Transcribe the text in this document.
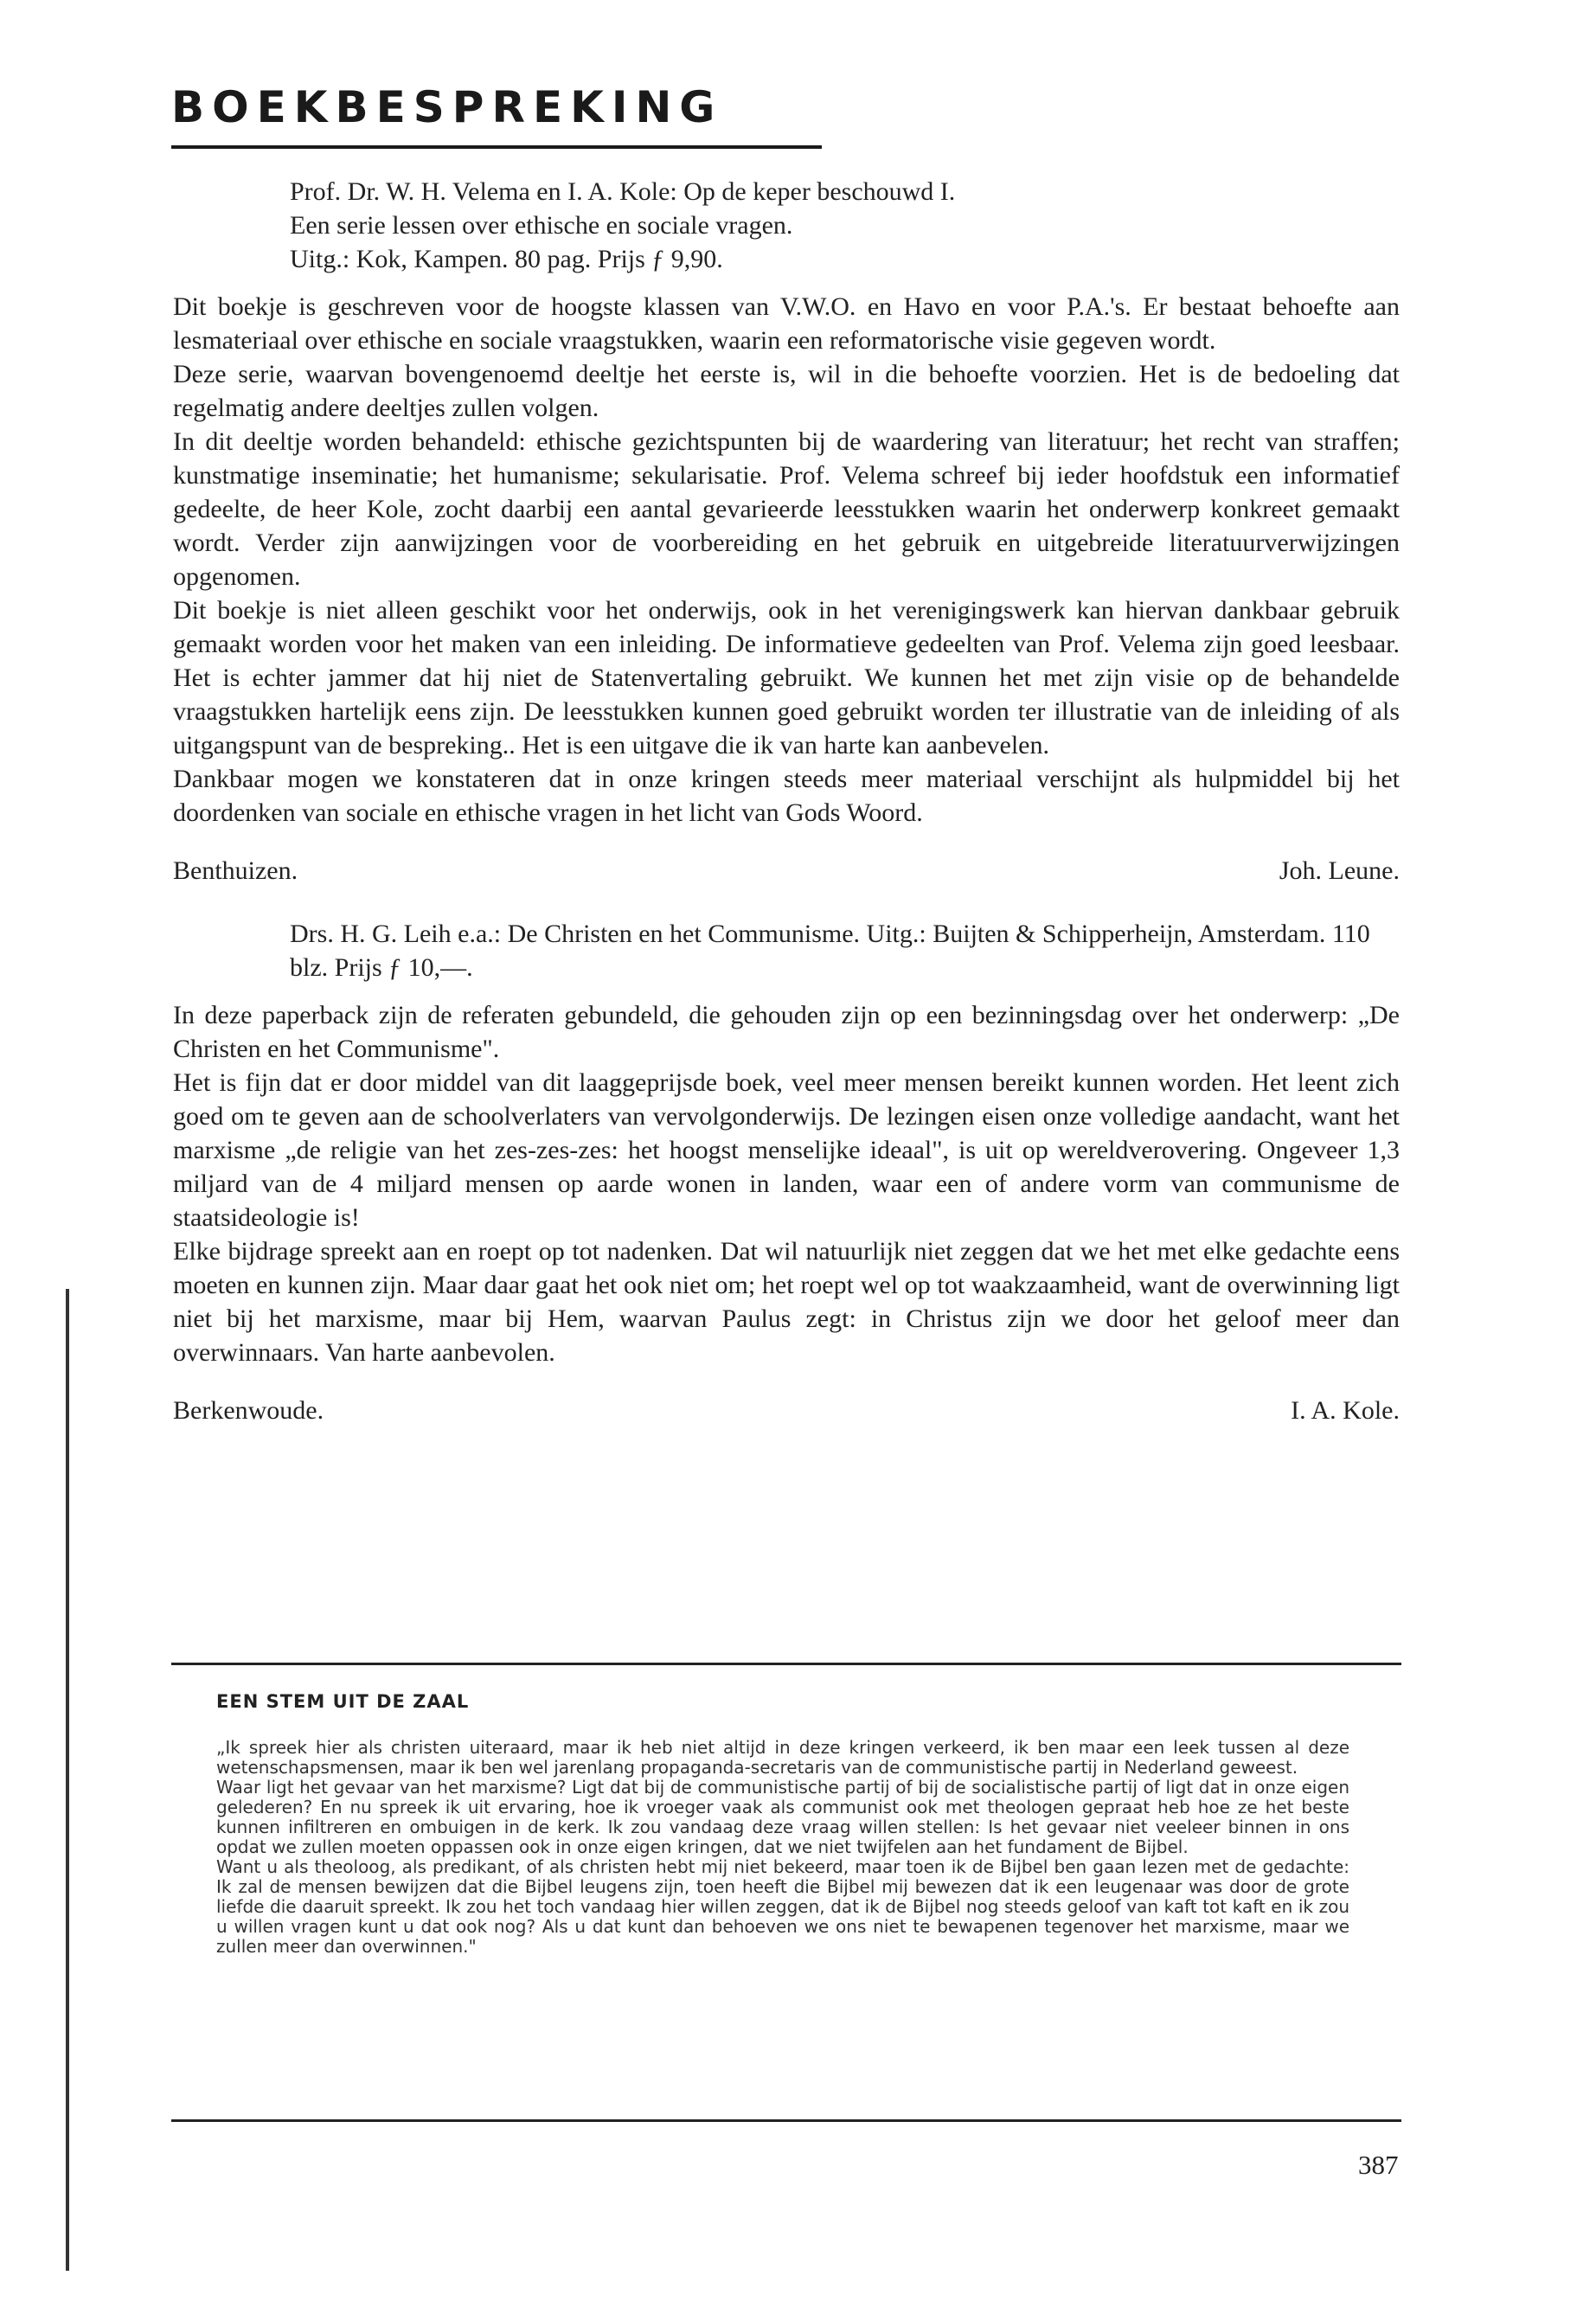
BOEKBESPREKING

Prof. Dr. W. H. Velema en I. A. Kole: Op de keper beschouwd I.

Een serie lessen over ethische en sociale vragen.

Uitg.: Kok, Kampen. 80 pag. Prijs ƒ 9,90.

Dit boekje is geschreven voor de hoogste klassen van V.W.O. en Havo en voor P.A.'s. Er bestaat behoefte aan lesmateriaal over ethische en sociale vraagstukken, waarin een reformatorische visie gegeven wordt.

Deze serie, waarvan bovengenoemd deeltje het eerste is, wil in die behoefte voorzien. Het is de bedoeling dat regelmatig andere deeltjes zullen volgen.

In dit deeltje worden behandeld: ethische gezichtspunten bij de waardering van literatuur; het recht van straffen; kunstmatige inseminatie; het humanisme; sekularisatie. Prof. Velema schreef bij ieder hoofdstuk een informatief gedeelte, de heer Kole, zocht daarbij een aantal gevarieerde leesstukken waarin het onderwerp konkreet gemaakt wordt. Verder zijn aanwijzingen voor de voorbereiding en het gebruik en uitgebreide literatuurverwijzingen opgenomen.

Dit boekje is niet alleen geschikt voor het onderwijs, ook in het verenigingswerk kan hiervan dankbaar gebruik gemaakt worden voor het maken van een inleiding. De informatieve gedeelten van Prof. Velema zijn goed leesbaar. Het is echter jammer dat hij niet de Statenvertaling gebruikt. We kunnen het met zijn visie op de behandelde vraagstukken hartelijk eens zijn. De leesstukken kunnen goed gebruikt worden ter illustratie van de inleiding of als uitgangspunt van de bespreking.. Het is een uitgave die ik van harte kan aanbevelen.

Dankbaar mogen we konstateren dat in onze kringen steeds meer materiaal verschijnt als hulpmiddel bij het doordenken van sociale en ethische vragen in het licht van Gods Woord.

Benthuizen.	Joh. Leune.

Drs. H. G. Leih e.a.: De Christen en het Communisme. Uitg.: Buijten & Schipperheijn, Amsterdam. 110 blz. Prijs ƒ 10,—.

In deze paperback zijn de referaten gebundeld, die gehouden zijn op een bezinningsdag over het onderwerp: „De Christen en het Communisme".

Het is fijn dat er door middel van dit laaggeprijsde boek, veel meer mensen bereikt kunnen worden. Het leent zich goed om te geven aan de schoolverlaters van vervolgonderwijs. De lezingen eisen onze volledige aandacht, want het marxisme „de religie van het zes-zes-zes: het hoogst menselijke ideaal", is uit op wereldverovering. Ongeveer 1,3 miljard van de 4 miljard mensen op aarde wonen in landen, waar een of andere vorm van communisme de staatsideologie is!

Elke bijdrage spreekt aan en roept op tot nadenken. Dat wil natuurlijk niet zeggen dat we het met elke gedachte eens moeten en kunnen zijn. Maar daar gaat het ook niet om; het roept wel op tot waakzaamheid, want de overwinning ligt niet bij het marxisme, maar bij Hem, waarvan Paulus zegt: in Christus zijn we door het geloof meer dan overwinnaars. Van harte aanbevolen.

Berkenwoude.	I. A. Kole.
EEN STEM UIT DE ZAAL

„Ik spreek hier als christen uiteraard, maar ik heb niet altijd in deze kringen verkeerd, ik ben maar een leek tussen al deze wetenschapsmensen, maar ik ben wel jarenlang propaganda-secretaris van de communistische partij in Nederland geweest.

Waar ligt het gevaar van het marxisme? Ligt dat bij de communistische partij of bij de socialistische partij of ligt dat in onze eigen gelederen? En nu spreek ik uit ervaring, hoe ik vroeger vaak als communist ook met theologen gepraat heb hoe ze het beste kunnen infiltreren en ombuigen in de kerk. Ik zou vandaag deze vraag willen stellen: Is het gevaar niet veeleer binnen in ons opdat we zullen moeten oppassen ook in onze eigen kringen, dat we niet twijfelen aan het fundament de Bijbel.

Want u als theoloog, als predikant, of als christen hebt mij niet bekeerd, maar toen ik de Bijbel ben gaan lezen met de gedachte: Ik zal de mensen bewijzen dat die Bijbel leugens zijn, toen heeft die Bijbel mij bewezen dat ik een leugenaar was door de grote liefde die daaruit spreekt. Ik zou het toch vandaag hier willen zeggen, dat ik de Bijbel nog steeds geloof van kaft tot kaft en ik zou u willen vragen kunt u dat ook nog? Als u dat kunt dan behoeven we ons niet te bewapenen tegenover het marxisme, maar we zullen meer dan overwinnen."

387
